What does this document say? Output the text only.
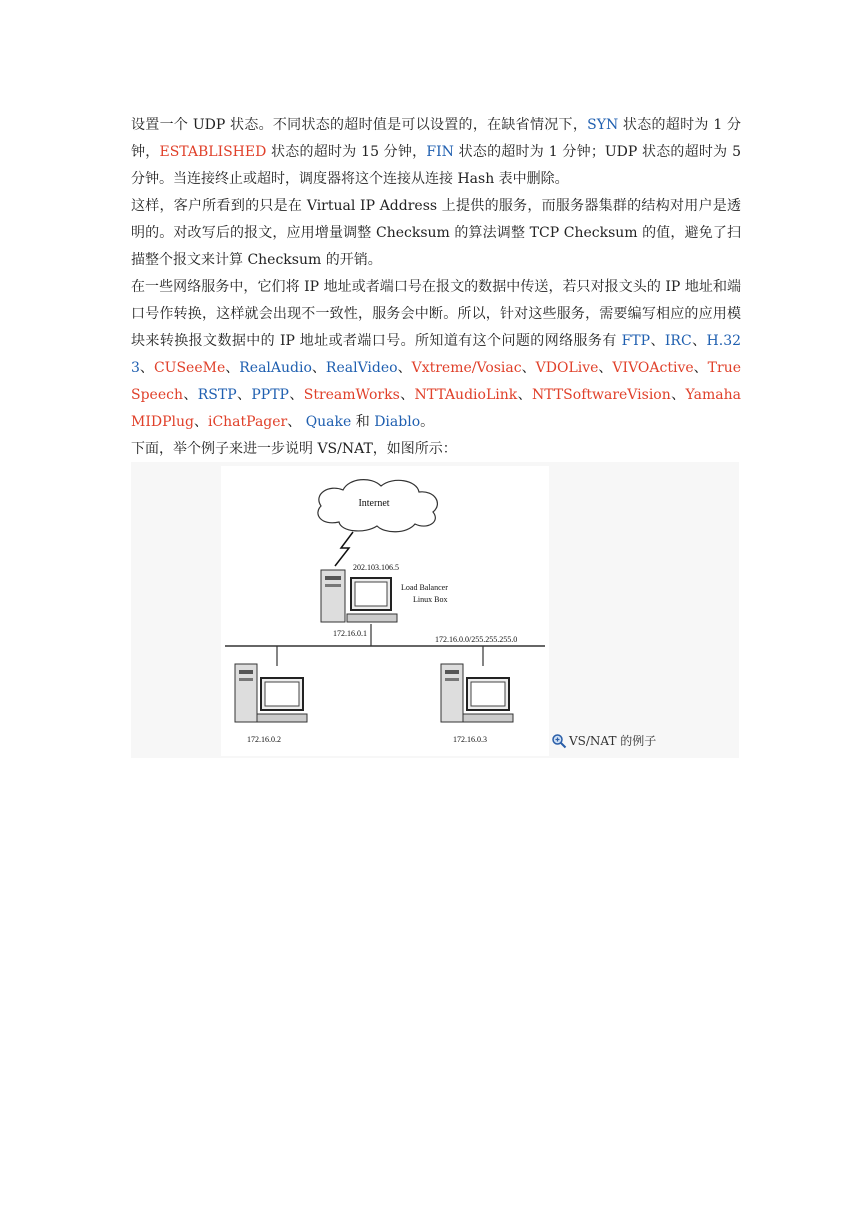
设置一个 UDP 状态。不同状态的超时值是可以设置的，在缺省情况下，SYN 状态的超时为 1 分钟，ESTABLISHED 状态的超时为 15 分钟，FIN 状态的超时为 1 分钟；UDP 状态的超时为 5 分钟。当连接终止或超时，调度器将这个连接从连接 Hash 表中删除。

这样，客户所看到的只是在 Virtual IP Address 上提供的服务，而服务器集群的结构对用户是透明的。对改写后的报文，应用增量调整 Checksum 的算法调整 TCP Checksum 的值，避免了扫描整个报文来计算 Checksum 的开销。

在一些网络服务中，它们将 IP 地址或者端口号在报文的数据中传送，若只对报文头的 IP 地址和端口号作转换，这样就会出现不一致性，服务会中断。所以，针对这些服务，需要编写相应的应用模块来转换报文数据中的 IP 地址或者端口号。所知道有这个问题的网络服务有 FTP、IRC、H.323、CUSeeMe、RealAudio、RealVideo、Vxtreme/Vosiac、VDOLive、VIVOActive、TrueSpeech、RSTP、PPTP、StreamWorks、NTTAudioLink、NTTSoftwareVision、YamahaMIDPlug、iChatPager、 Quake 和 Diablo。

下面，举个例子来进一步说明 VS/NAT，如图所示：

Internet
202.103.106.5
Load Balancer
Linux Box
172.16.0.1
172.16.0.0/255.255.255.0
172.16.0.2	172.16.0.3	VS/NAT 的例子
